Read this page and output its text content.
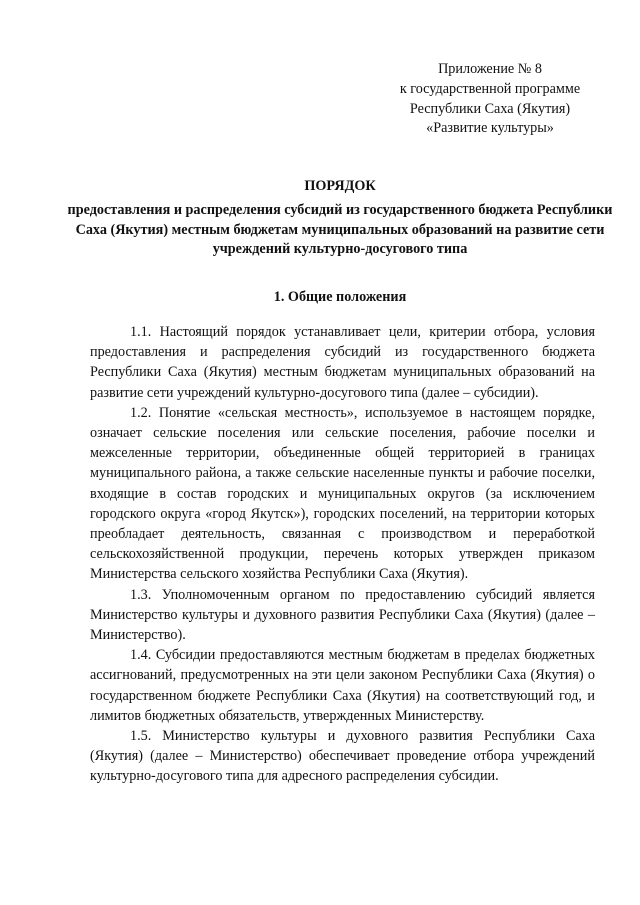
Приложение № 8
к государственной программе
Республики Саха (Якутия)
«Развитие культуры»
ПОРЯДОК
предоставления и распределения субсидий из государственного бюджета Республики Саха (Якутия) местным бюджетам муниципальных образований на развитие сети учреждений культурно-досугового типа
1. Общие положения

1.1. Настоящий порядок устанавливает цели, критерии отбора, условия предоставления и распределения субсидий из государственного бюджета Республики Саха (Якутия) местным бюджетам муниципальных образований на развитие сети учреждений культурно-досугового типа (далее – субсидии).

1.2. Понятие «сельская местность», используемое в настоящем порядке, означает сельские поселения или сельские поселения, рабочие поселки и межселенные территории, объединенные общей территорией в границах муниципального района, а также сельские населенные пункты и рабочие поселки, входящие в состав городских и муниципальных округов (за исключением городского округа «город Якутск»), городских поселений, на территории которых преобладает деятельность, связанная с производством и переработкой сельскохозяйственной продукции, перечень которых утвержден приказом Министерства сельского хозяйства Республики Саха (Якутия).

1.3. Уполномоченным органом по предоставлению субсидий является Министерство культуры и духовного развития Республики Саха (Якутия) (далее – Министерство).

1.4. Субсидии предоставляются местным бюджетам в пределах бюджетных ассигнований, предусмотренных на эти цели законом Республики Саха (Якутия) о государственном бюджете Республики Саха (Якутия) на соответствующий год, и лимитов бюджетных обязательств, утвержденных Министерству.

1.5. Министерство культуры и духовного развития Республики Саха (Якутия) (далее – Министерство) обеспечивает проведение отбора учреждений культурно-досугового типа для адресного распределения субсидии.
